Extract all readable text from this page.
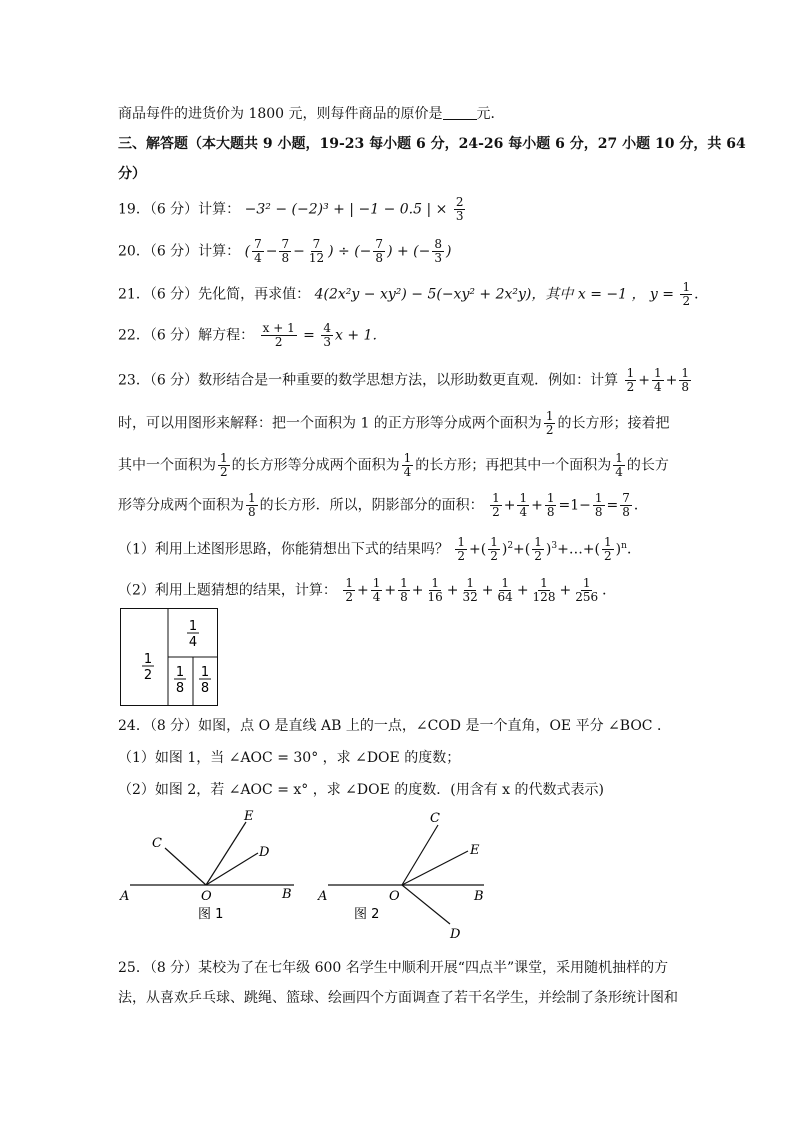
商品每件的进货价为 1800 元，则每件商品的原价是 元．
三、解答题（本大题共 9 小题，19-23 每小题 6 分，24-26 每小题 6 分，27 小题 10 分，共 64
分）
19．（6 分）计算： −3² − (−2)³ + | −1 − 0.5 | × $\frac{2}{3}$
20．（6 分）计算： ( $\frac{7}{4} - \frac{7}{8} - \frac{7}{12}$ ) ÷ (− $\frac{7}{8}$ ) + (− $\frac{8}{3}$ )
21．（6 分）先化简，再求值： 4(2x²y − xy²) − 5(−xy² + 2x²y)，其中 x = −1 ， $y = \frac{1}{2}$ ．
22．（6 分）解方程： $\frac{x + 1}{2} = \frac{4}{3}$ x + 1．
23．（6 分）数形结合是一种重要的数学思想方法，以形助数更直观．例如：计算 $\frac{1}{2} + \frac{1}{4} + \frac{1}{8}$
时，可以用图形来解释：把一个面积为 1 的正方形等分成两个面积为 $\frac{1}{2}$ 的长方形；接着把
其中一个面积为 $\frac{1}{2}$ 的长方形等分成两个面积为 $\frac{1}{4}$ 的长方形；再把其中一个面积为 $\frac{1}{4}$ 的长方
形等分成两个面积为 $\frac{1}{8}$ 的长方形．所以，阴影部分的面积： $\frac{1}{2} + \frac{1}{4} + \frac{1}{8} =1- \frac{1}{8} = \frac{7}{8}$ ．
（1）利用上述图形思路，你能猜想出下式的结果吗？ $\frac{1}{2}$ +( $\frac{1}{2} )^2+( \frac{1}{2}$ )$^3+\dots+( \frac{1}{2} )^n$．
（2）利用上题猜想的结果，计算： $\frac{1}{2} + \frac{1}{4} + \frac{1}{8} + \frac{1}{16} + \frac{1}{32} + \frac{1}{64} + \frac{1}{128} + \frac{1}{256}$ ．
1
2
1
4
1
8
1
8
24．（8 分）如图，点 O 是直线 AB 上的一点，∠COD 是一个直角，OE 平分 ∠BOC ．
（1）如图 1，当 ∠AOC = 30° ，求 ∠DOE 的度数；
（2）如图 2，若 ∠AOC = x° ，求 ∠DOE 的度数．(用含有 x 的代数式表示)
A	B
C
D
E
O
图 1
A	B
C
D
E
O
图 2
25．（8 分）某校为了在七年级 600 名学生中顺利开展“四点半”课堂，采用随机抽样的方
法，从喜欢乒乓球、跳绳、篮球、绘画四个方面调查了若干名学生，并绘制了条形统计图和
